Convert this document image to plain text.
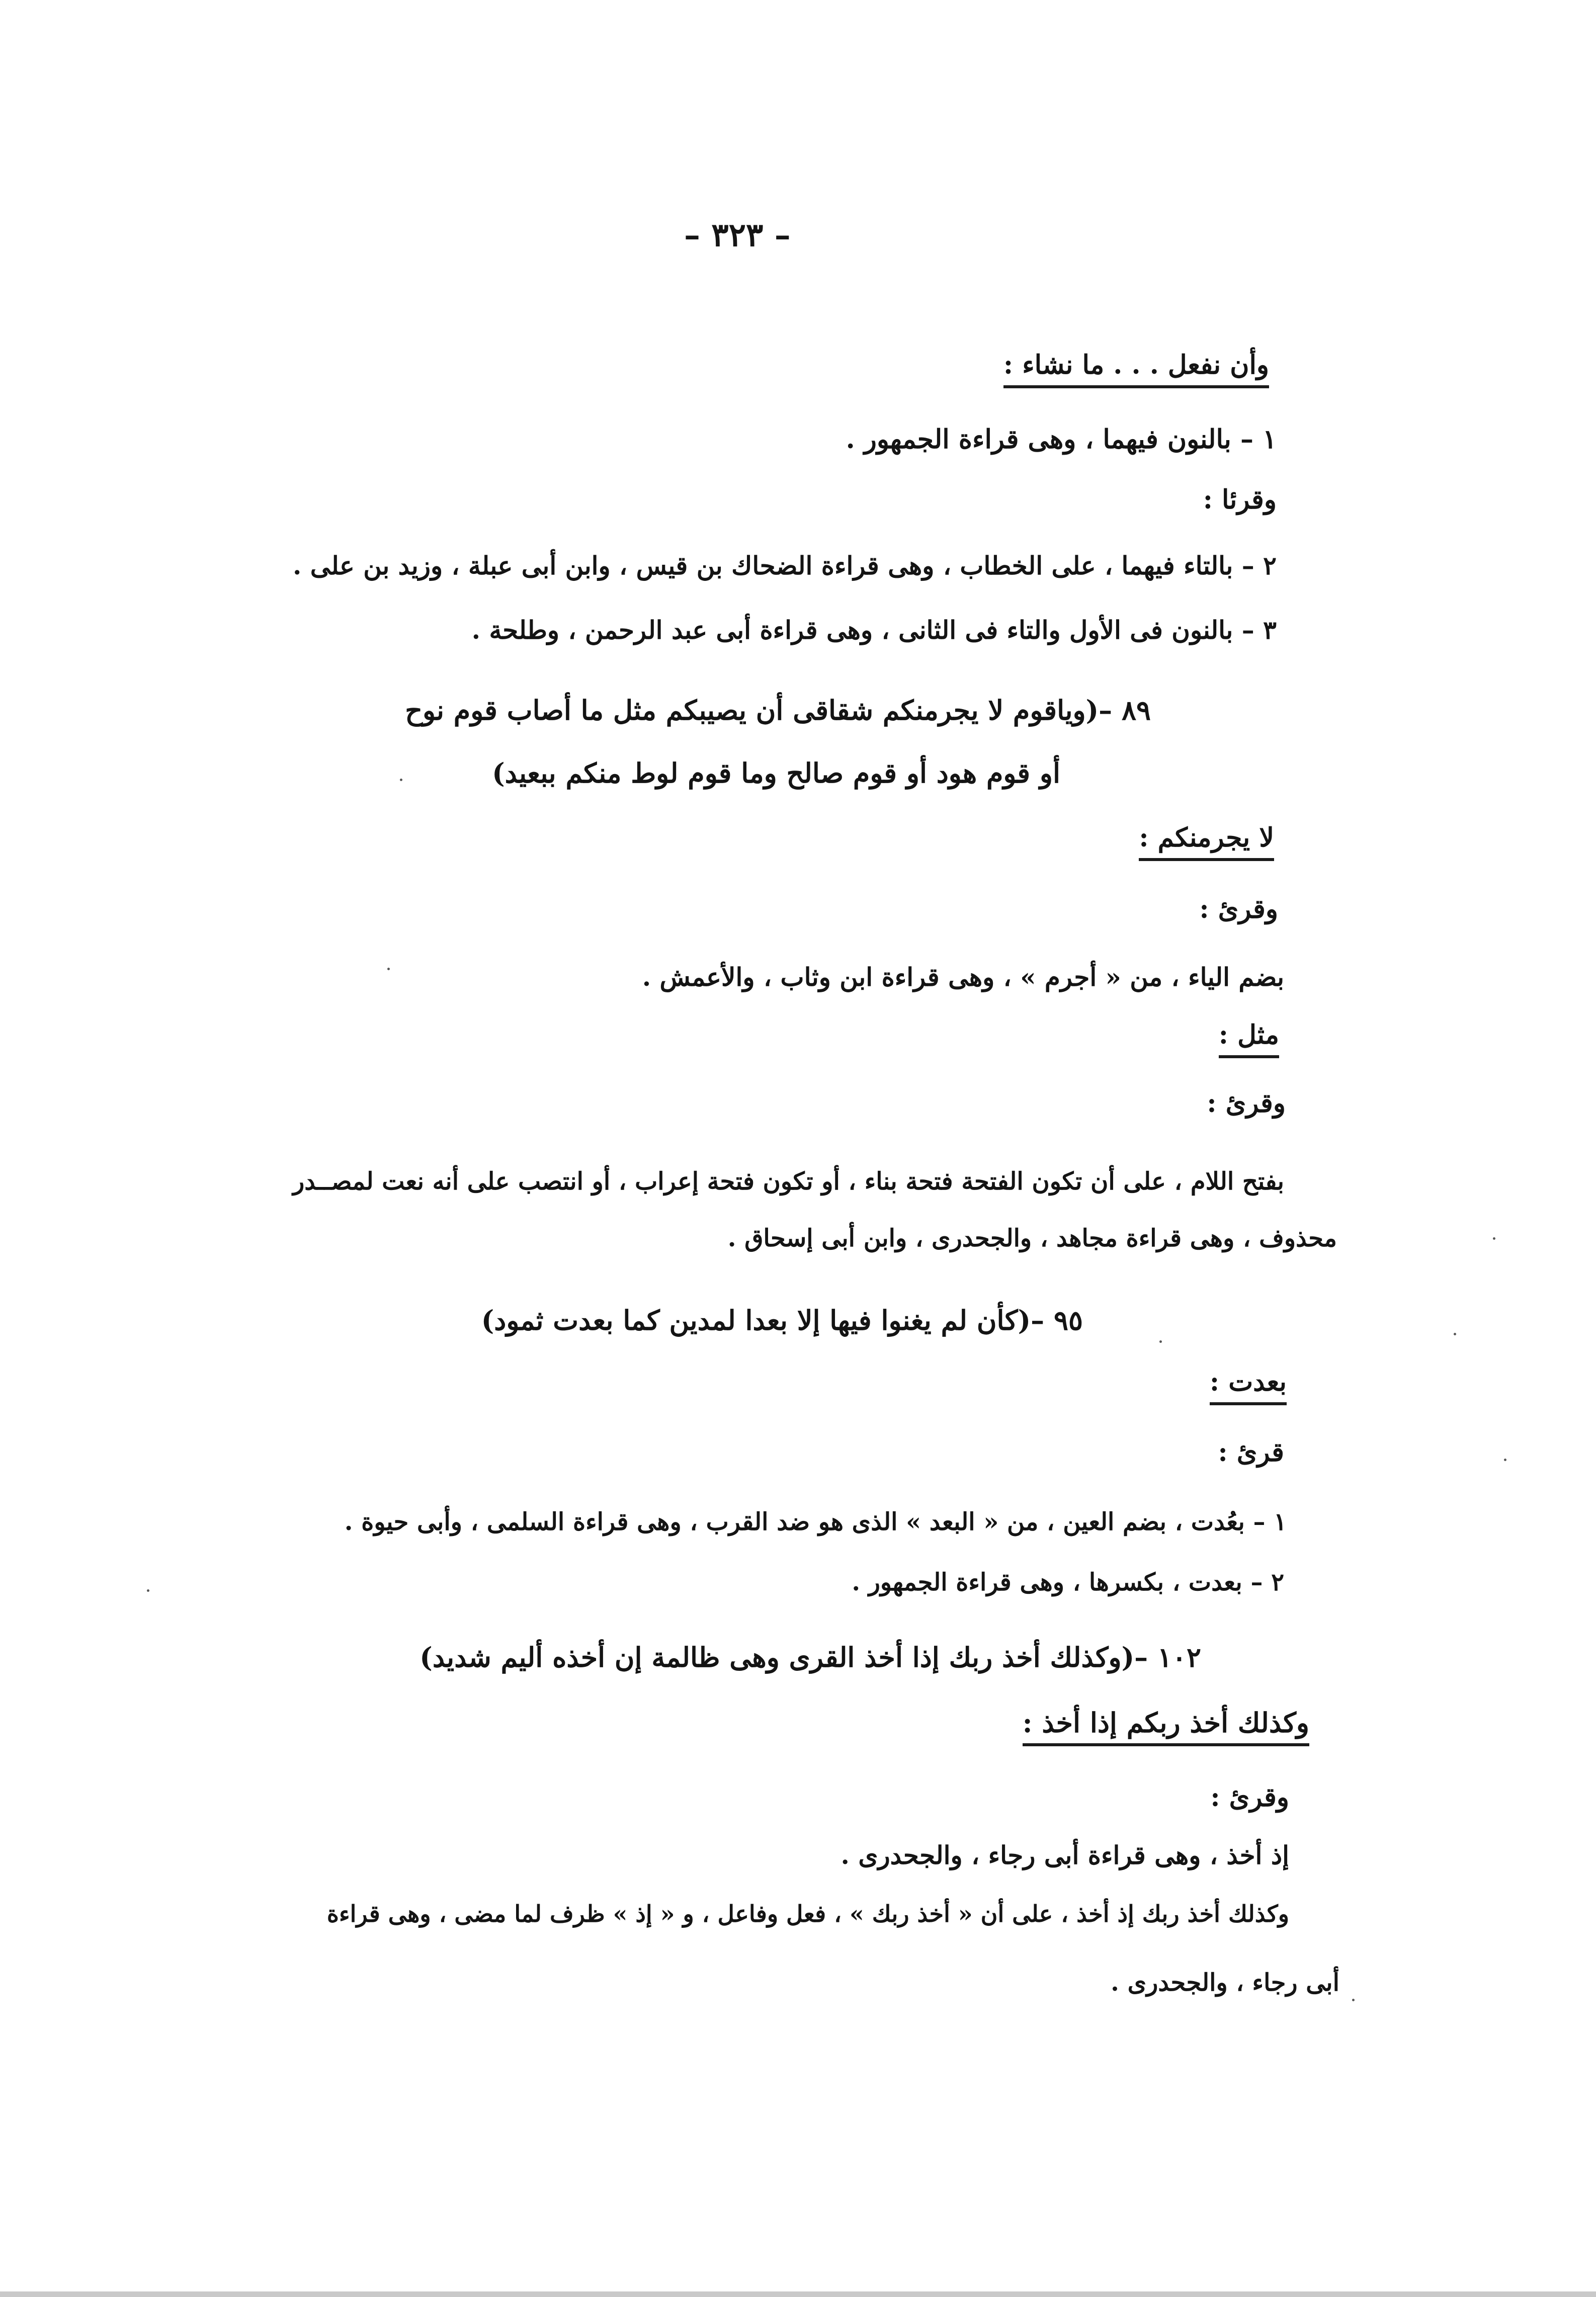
– ٣٢٣ –

وأن نفعل . . . ما نشاء :

١ – بالنون فيهما ، وهى قراءة الجمهور .

وقرئا :

٢ – بالتاء فيهما ، على الخطاب ، وهى قراءة الضحاك بن قيس ، وابن أبى عبلة ، وزيد بن على .

٣ – بالنون فى الأول والتاء فى الثانى ، وهى قراءة أبى عبد الرحمن ، وطلحة .

٨٩ –(وياقوم لا يجرمنكم شقاقى أن يصيبكم مثل ما أصاب قوم نوح

أو قوم هود أو قوم صالح وما قوم لوط منكم ببعيد)

لا يجرمنكم :

وقرئ :

بضم الياء ، من « أجرم » ، وهى قراءة ابن وثاب ، والأعمش .

مثل :

وقرئ :

بفتح اللام ، على أن تكون الفتحة فتحة بناء ، أو تكون فتحة إعراب ، أو انتصب على أنه نعت لمصــدر

محذوف ، وهى قراءة مجاهد ، والجحدرى ، وابن أبى إسحاق .

٩٥ –(كأن لم يغنوا فيها إلا بعدا لمدين كما بعدت ثمود)

بعدت :

قرئ :

١ – بعُدت ، بضم العين ، من « البعد » الذى هو ضد القرب ، وهى قراءة السلمى ، وأبى حيوة .

٢ – بعدت ، بكسرها ، وهى قراءة الجمهور .

١٠٢ –(وكذلك أخذ ربك إذا أخذ القرى وهى ظالمة إن أخذه أليم شديد)

وكذلك أخذ ربكم إذا أخذ :

وقرئ :

إذ أخذ ، وهى قراءة أبى رجاء ، والجحدرى .

وكذلك أخذ ربك إذ أخذ ، على أن « أخذ ربك » ، فعل وفاعل ، و « إذ » ظرف لما مضى ، وهى قراءة

أبى رجاء ، والجحدرى .
